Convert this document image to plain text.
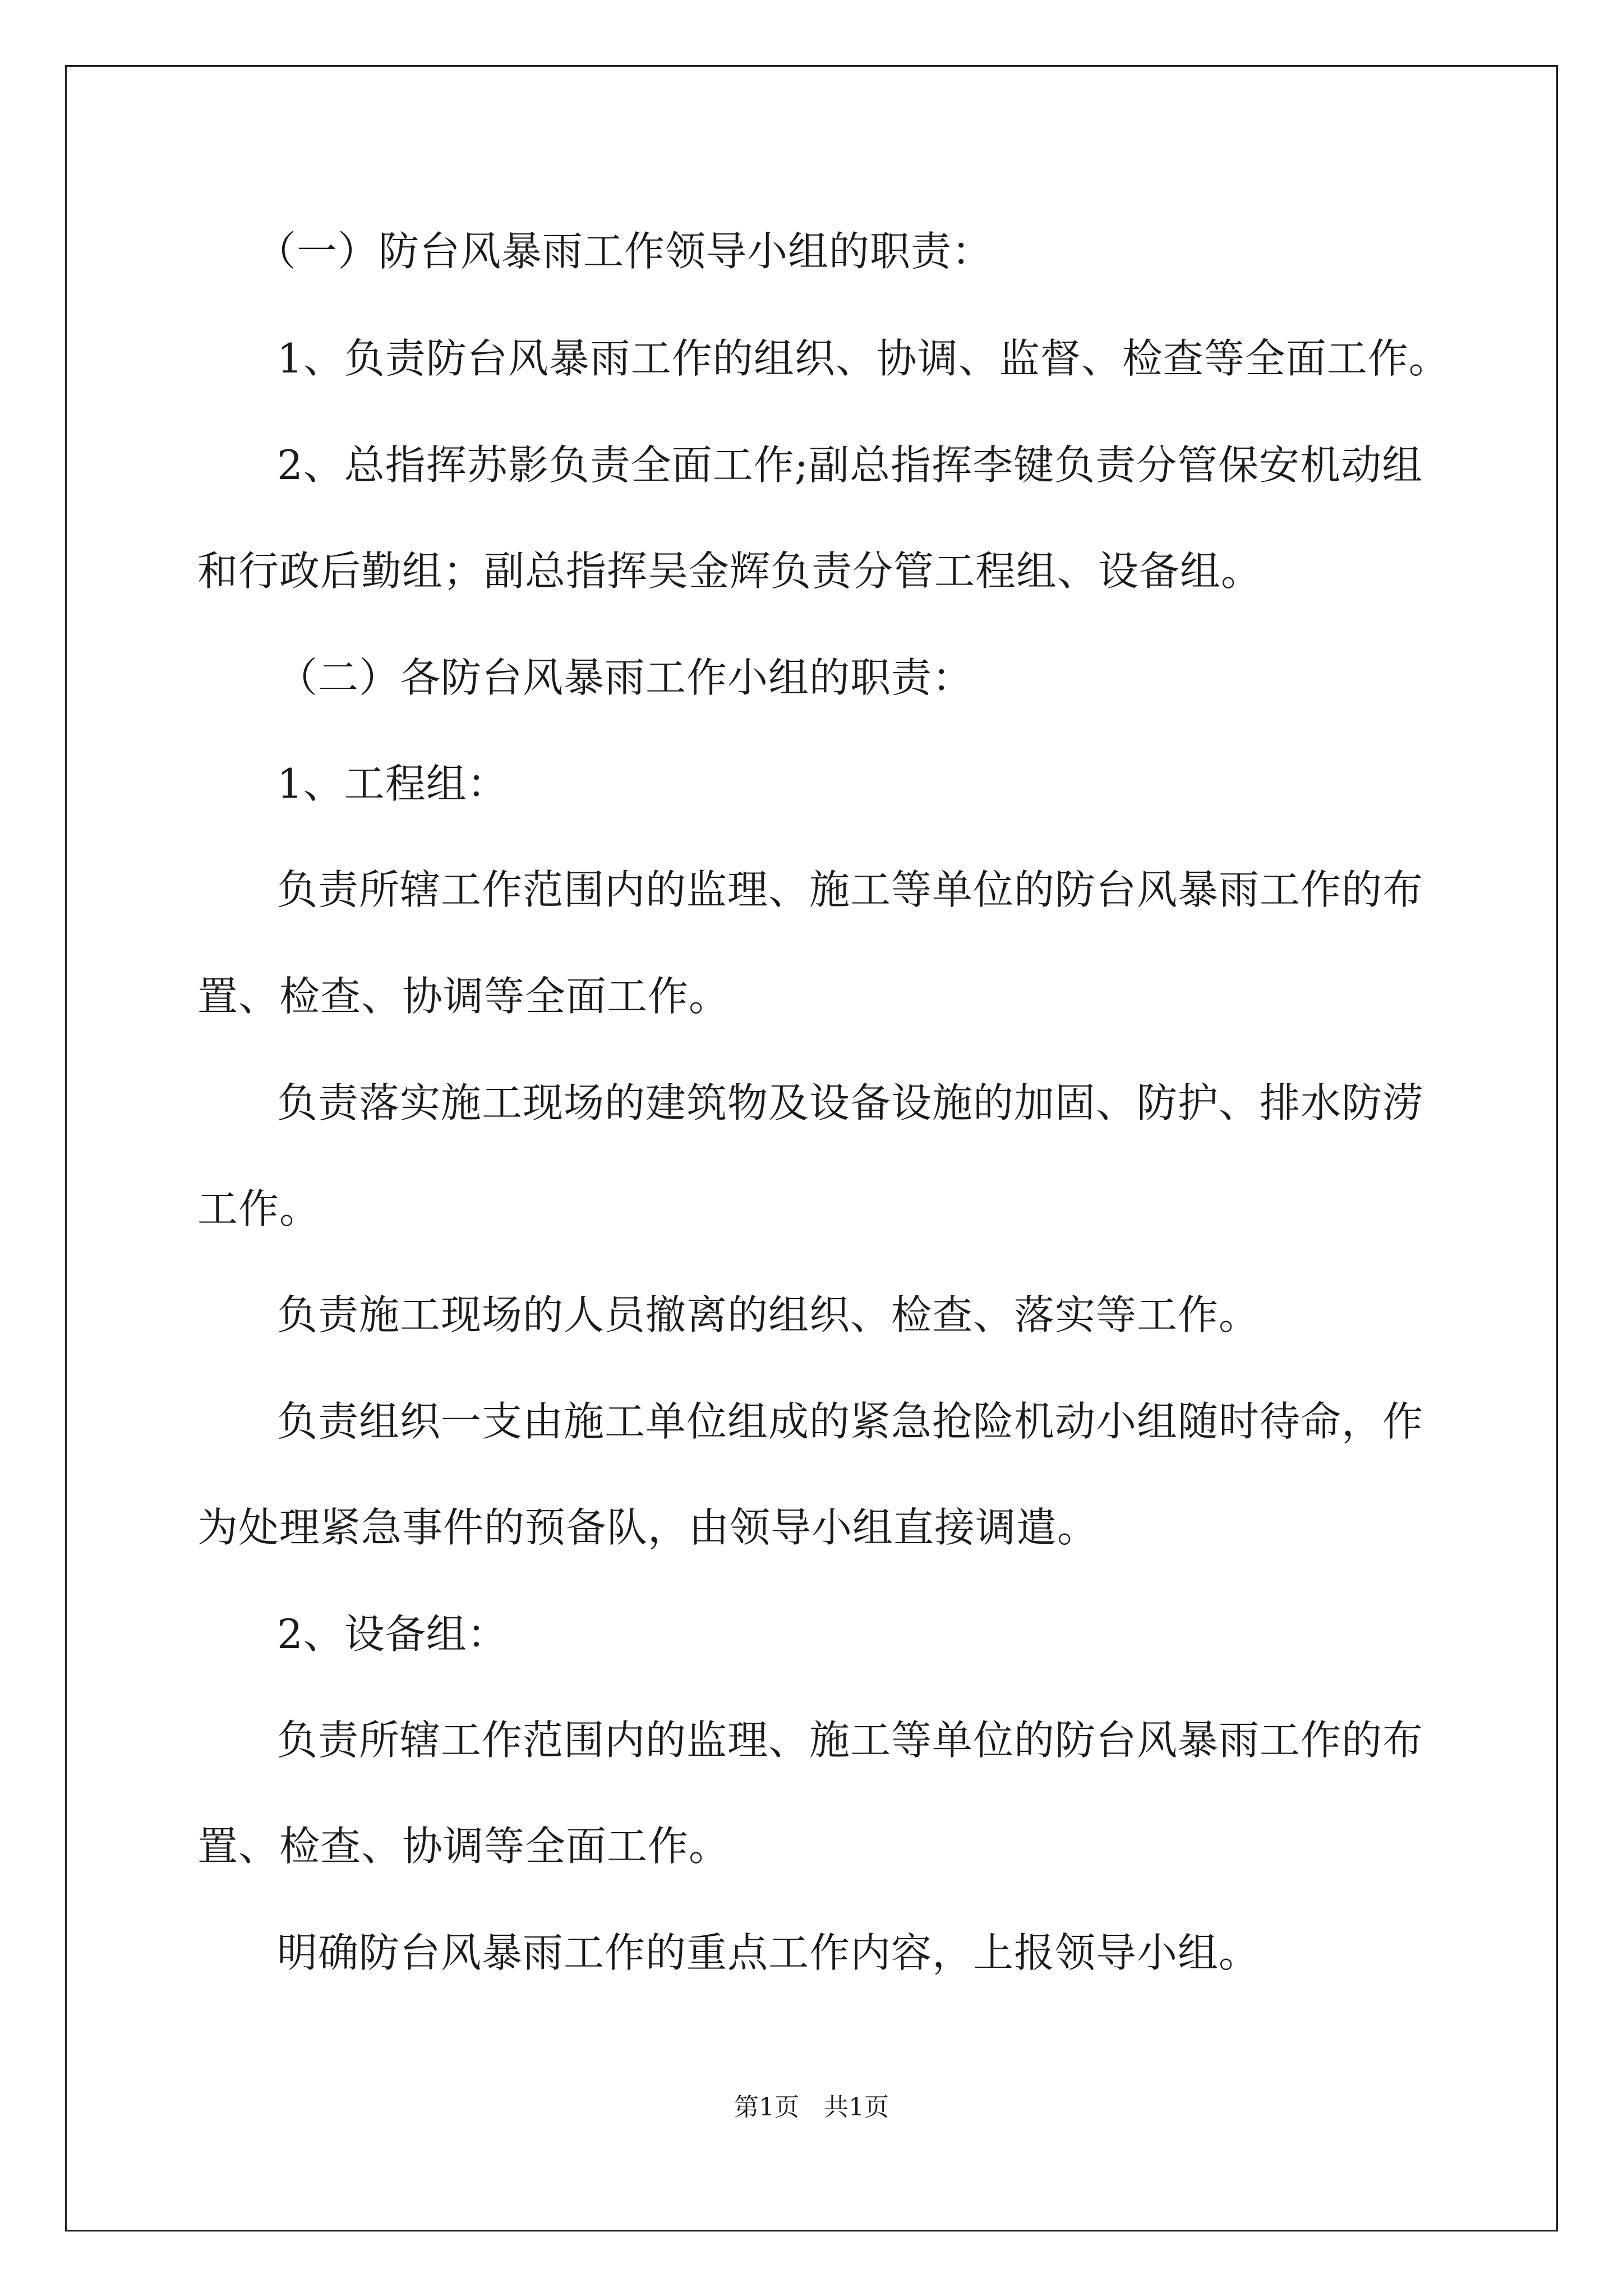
（一）防台风暴雨工作领导小组的职责：
1、负责防台风暴雨工作的组织、协调、监督、检查等全面工作。
2、总指挥苏影负责全面工作;副总指挥李键负责分管保安机动组
和行政后勤组；副总指挥吴金辉负责分管工程组、设备组。
（二）各防台风暴雨工作小组的职责：
1、工程组：
负责所辖工作范围内的监理、施工等单位的防台风暴雨工作的布
置、检查、协调等全面工作。
负责落实施工现场的建筑物及设备设施的加固、防护、排水防涝
工作。
负责施工现场的人员撤离的组织、检查、落实等工作。
负责组织一支由施工单位组成的紧急抢险机动小组随时待命，作
为处理紧急事件的预备队，由领导小组直接调遣。
2、设备组：
负责所辖工作范围内的监理、施工等单位的防台风暴雨工作的布
置、检查、协调等全面工作。
明确防台风暴雨工作的重点工作内容，上报领导小组。
第1页　共1页
